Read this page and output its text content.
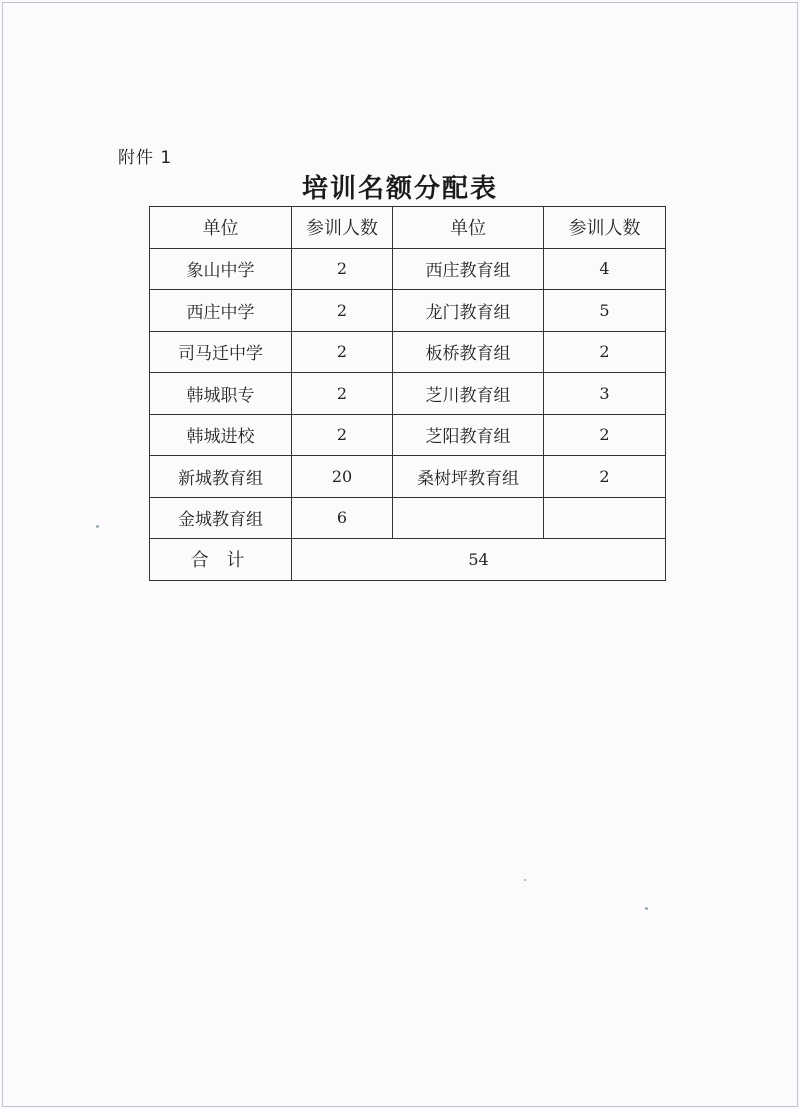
附件 1
培训名额分配表
单位	参训人数	单位	参训人数
象山中学	2	西庄教育组	4
西庄中学	2	龙门教育组	5
司马迁中学	2	板桥教育组	2
韩城职专	2	芝川教育组	3
韩城进校	2	芝阳教育组	2
新城教育组	20	桑树坪教育组	2
金城教育组	6		
合 计	54		
